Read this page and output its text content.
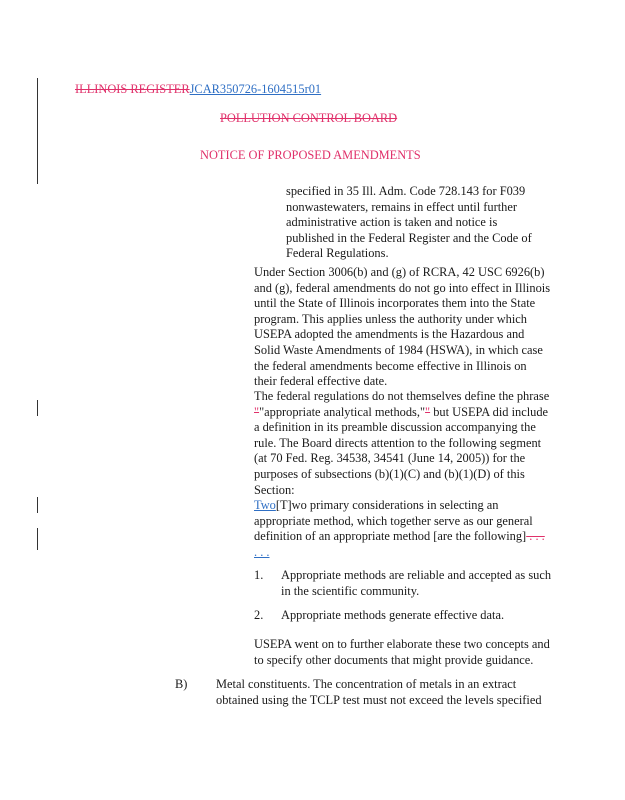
ILLINOIS REGISTERJCAR350726-1604515r01
POLLUTION CONTROL BOARD
NOTICE OF PROPOSED AMENDMENTS

specified in 35 Ill. Adm. Code 728.143 for F039

nonwastewaters, remains in effect until further

administrative action is taken and notice is

published in the Federal Register and the Code of

Federal Regulations.

Under Section 3006(b) and (g) of RCRA, 42 USC 6926(b)

and (g), federal amendments do not go into effect in Illinois

until the State of Illinois incorporates them into the State

program. This applies unless the authority under which

USEPA adopted the amendments is the Hazardous and

Solid Waste Amendments of 1984 (HSWA), in which case

the federal amendments become effective in Illinois on

their federal effective date.

The federal regulations do not themselves define the phrase

""appropriate analytical methods,"" but USEPA did include

a definition in its preamble discussion accompanying the

rule. The Board directs attention to the following segment

(at 70 Fed. Reg. 34538, 34541 (June 14, 2005)) for the

purposes of subsections (b)(1)(C) and (b)(1)(D) of this

Section:

Two[T]wo primary considerations in selecting an

appropriate method, which together serve as our general

definition of an appropriate method [are the following] . . .

. . .

1. Appropriate methods are reliable and accepted as such

in the scientific community.

2. Appropriate methods generate effective data.

USEPA went on to further elaborate these two concepts and

to specify other documents that might provide guidance.

B) Metal constituents. The concentration of metals in an extract

obtained using the TCLP test must not exceed the levels specified
